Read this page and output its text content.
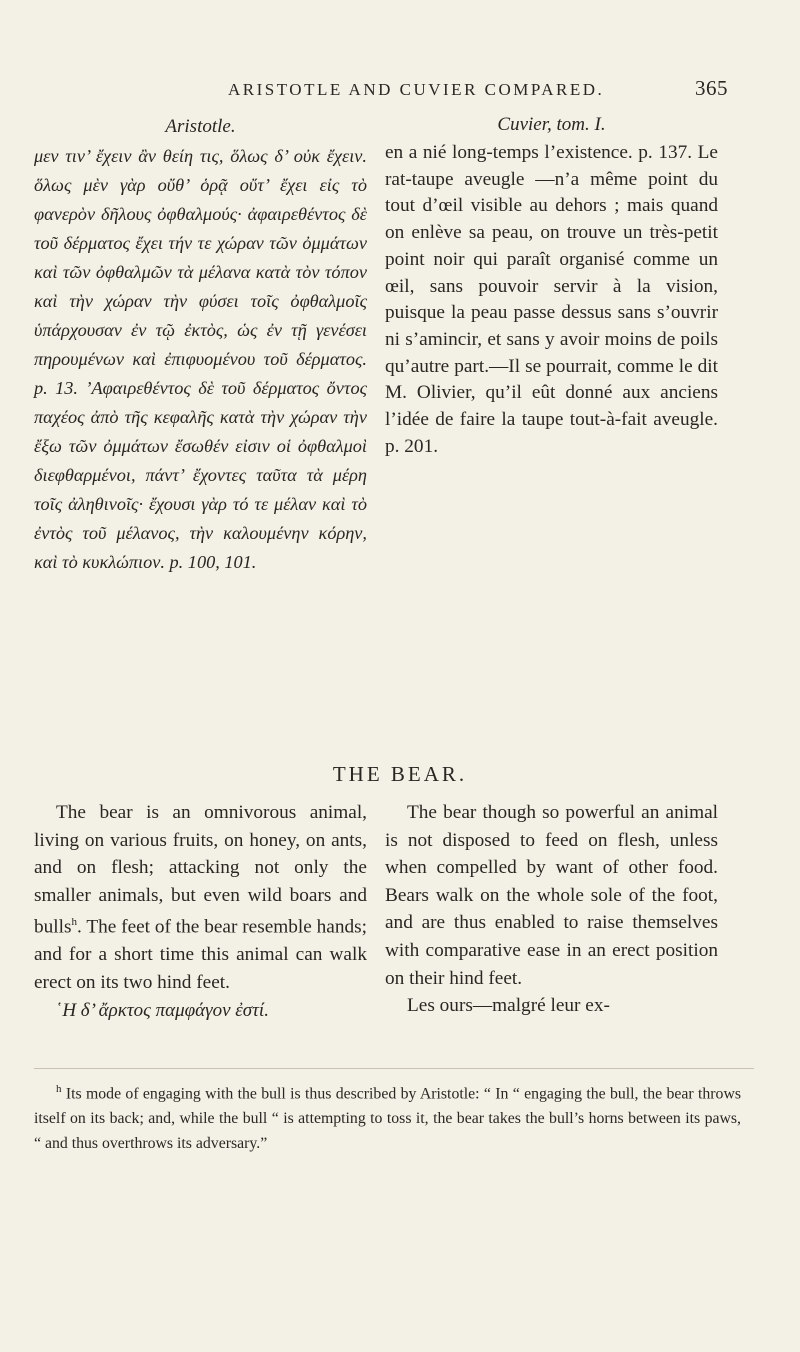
ARISTOTLE AND CUVIER COMPARED.	365
Aristotle.
μεν τιν’ ἔχειν ἂν θείη τις, ὅλως δ’ οὐκ ἔχειν. ὅλως μὲν γὰρ οὔθ’ ὁρᾷ οὔτ’ ἔχει εἰς τὸ φανερὸν δῆλους ὀφθαλμούς· ἀφαιρεθέντος δὲ τοῦ δέρματος ἔχει τήν τε χώραν τῶν ὀμμάτων καὶ τῶν ὀφθαλμῶν τὰ μέλανα κατὰ τὸν τόπον καὶ τὴν χώραν τὴν φύσει τοῖς ὀφθαλμοῖς ὑπάρχουσαν ἐν τῷ ἐκτὸς, ὡς ἐν τῇ γενέσει πηρουμένων καὶ ἐπιφυομένου τοῦ δέρματος. p. 13. ’Αφαιρεθέντος δὲ τοῦ δέρματος ὄντος παχέος ἀπὸ τῆς κεφαλῆς κατὰ τὴν χώραν τὴν ἔξω τῶν ὀμμάτων ἔσωθέν εἰσιν οἱ ὀφθαλμοὶ διεφθαρμένοι, πάντ’ ἔχοντες ταῦτα τὰ μέρη τοῖς ἀληθινοῖς· ἔχουσι γὰρ τό τε μέλαν καὶ τὸ ἐντὸς τοῦ μέλανος, τὴν καλουμένην κόρην, καὶ τὸ κυκλώπιον. p. 100, 101.
Cuvier, tom. I.
en a nié long-temps l’existence. p. 137. Le rat-taupe aveugle —n’a même point du tout d’œil visible au dehors ; mais quand on enlève sa peau, on trouve un très-petit point noir qui paraît organisé comme un œil, sans pouvoir servir à la vision, puisque la peau passe dessus sans s’ouvrir ni s’amincir, et sans y avoir moins de poils qu’autre part.—Il se pourrait, comme le dit M. Olivier, qu’il eût donné aux anciens l’idée de faire la taupe tout-à-fait aveugle. p. 201.
THE BEAR.
The bear is an omnivorous animal, living on various fruits, on honey, on ants, and on flesh; attacking not only the smaller animals, but even wild boars and bulls$^h$. The feet of the bear resemble hands; and for a short time this animal can walk erect on its two hind feet.
῾Η δ’ ἄρκτος παμφάγον ἐστί.
The bear though so powerful an animal is not disposed to feed on flesh, unless when compelled by want of other food. Bears walk on the whole sole of the foot, and are thus enabled to raise themselves with comparative ease in an erect position on their hind feet.
Les ours—malgré leur ex-
$^h$ Its mode of engaging with the bull is thus described by Aristotle: “ In “ engaging the bull, the bear throws itself on its back; and, while the bull “ is attempting to toss it, the bear takes the bull’s horns between its paws, “ and thus overthrows its adversary.”
